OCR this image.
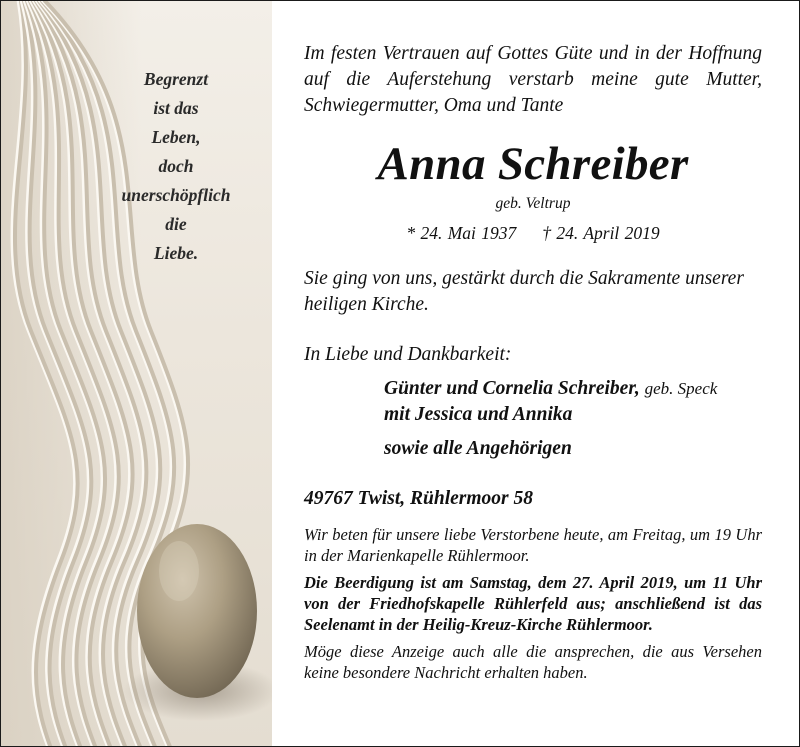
Begrenzt
ist das
Leben,
doch
unerschöpflich
die
Liebe.
Im festen Vertrauen auf Gottes Güte und in der Hoffnung auf die Auferstehung verstarb meine gute Mutter, Schwiegermutter, Oma und Tante
Anna Schreiber
geb. Veltrup
* 24. Mai 1937 † 24. April 2019
Sie ging von uns, gestärkt durch die Sakramente unserer heiligen Kirche.
In Liebe und Dankbarkeit:
Günter und Cornelia Schreiber, geb. Speck
mit Jessica und Annika
sowie alle Angehörigen
49767 Twist, Rühlermoor 58
Wir beten für unsere liebe Verstorbene heute, am Freitag, um 19 Uhr in der Marienkapelle Rühlermoor.
Die Beerdigung ist am Samstag, dem 27. April 2019, um 11 Uhr von der Friedhofskapelle Rühlerfeld aus; anschließend ist das Seelenamt in der Heilig-Kreuz-Kirche Rühlermoor.
Möge diese Anzeige auch alle die ansprechen, die aus Versehen keine besondere Nachricht erhalten haben.
